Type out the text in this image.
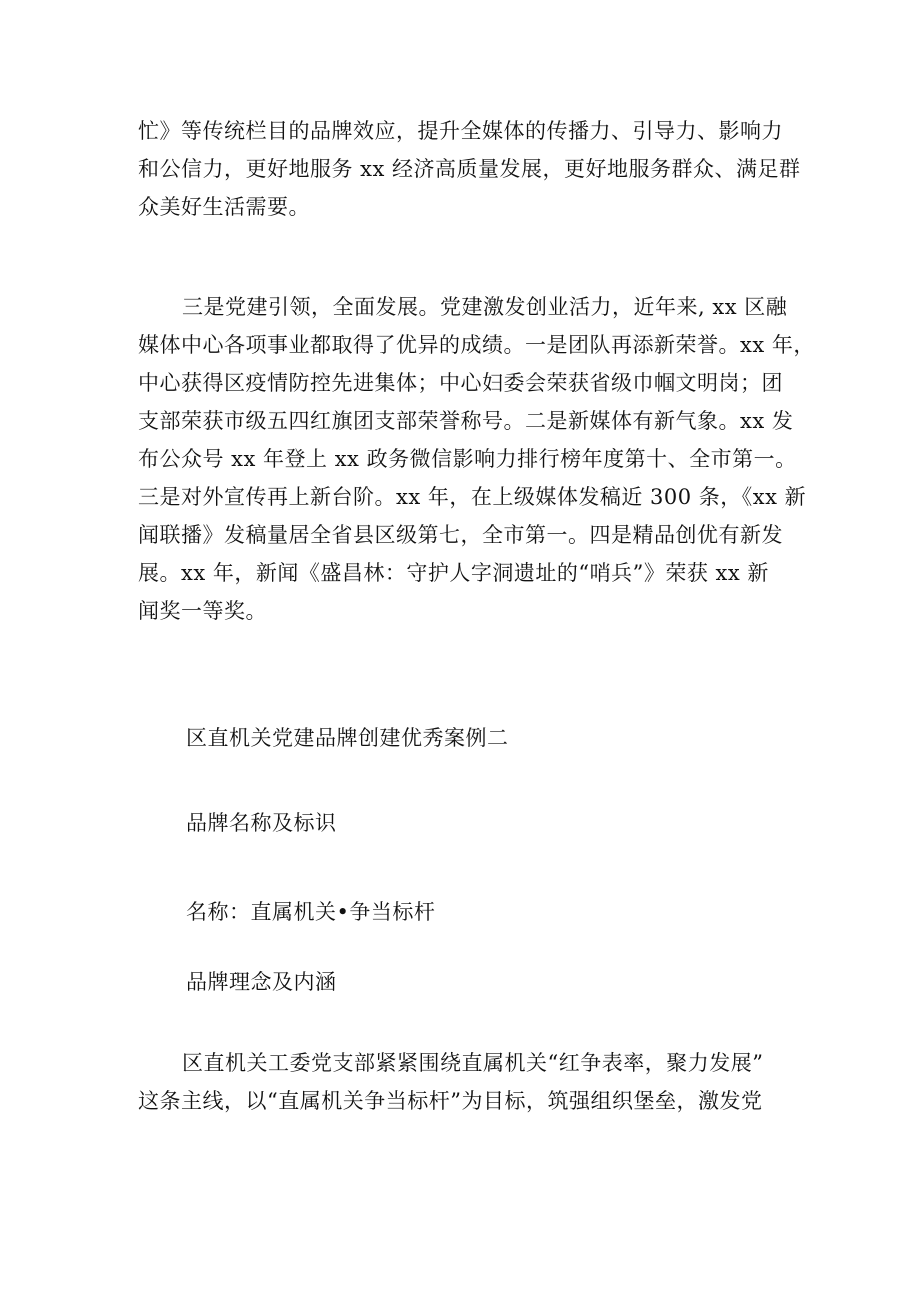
忙》等传统栏目的品牌效应，提升全媒体的传播力、引导力、影响力
和公信力，更好地服务 xx 经济高质量发展，更好地服务群众、满足群
众美好生活需要。
三是党建引领，全面发展。党建激发创业活力，近年来, xx 区融
媒体中心各项事业都取得了优异的成绩。一是团队再添新荣誉。xx 年，
中心获得区疫情防控先进集体；中心妇委会荣获省级巾帼文明岗；团
支部荣获市级五四红旗团支部荣誉称号。二是新媒体有新气象。xx 发
布公众号 xx 年登上 xx 政务微信影响力排行榜年度第十、全市第一。
三是对外宣传再上新台阶。xx 年，在上级媒体发稿近 300 条，《xx 新
闻联播》发稿量居全省县区级第七，全市第一。四是精品创优有新发
展。xx 年，新闻《盛昌林：守护人字洞遗址的“哨兵”》荣获 xx 新
闻奖一等奖。

区直机关党建品牌创建优秀案例二

品牌名称及标识

名称：直属机关•争当标杆

品牌理念及内涵

区直机关工委党支部紧紧围绕直属机关“红争表率，聚力发展”
这条主线，以“直属机关争当标杆”为目标，筑强组织堡垒，激发党
